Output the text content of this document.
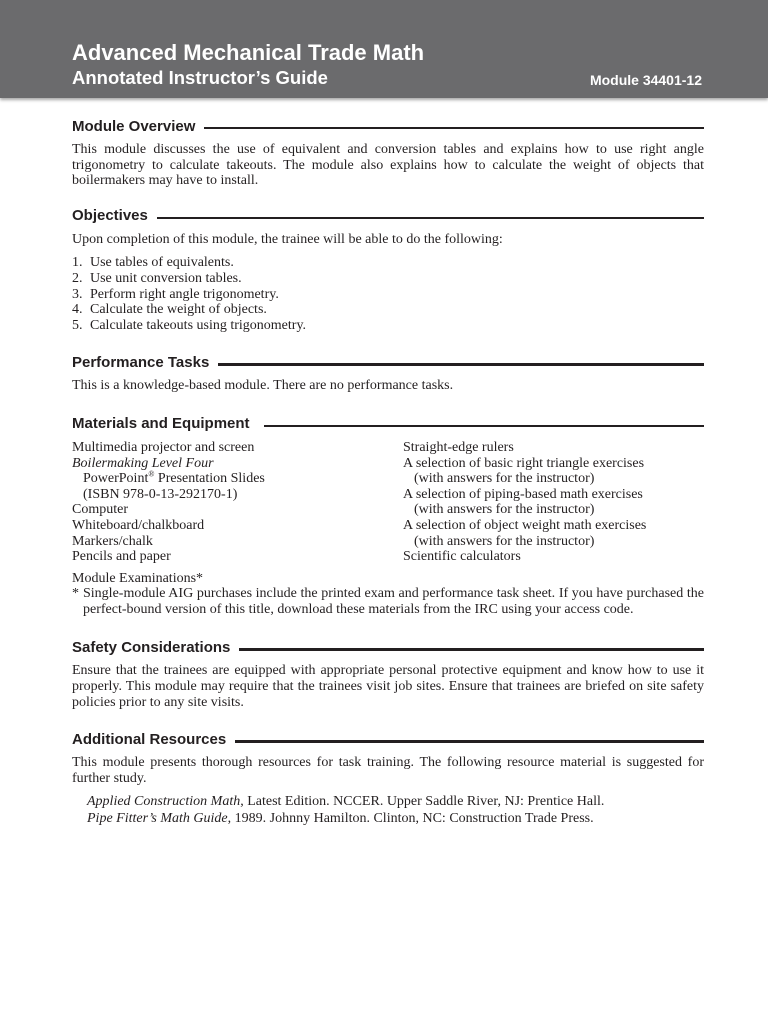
Advanced Mechanical Trade Math
Annotated Instructor’s Guide	Module 34401-12
Module Overview

This module discusses the use of equivalent and conversion tables and explains how to use right angle trigonometry to calculate takeouts. The module also explains how to calculate the weight of objects that boilermakers may have to install.

Objectives

Upon completion of this module, the trainee will be able to do the following:

1. Use tables of equivalents.
2. Use unit conversion tables.
3. Perform right angle trigonometry.
4. Calculate the weight of objects.
5. Calculate takeouts using trigonometry.
Performance Tasks

This is a knowledge-based module. There are no performance tasks.

Materials and Equipment
Multimedia projector and screen
Boilermaking Level Four
PowerPoint® Presentation Slides
(ISBN 978-0-13-292170-1)
Computer
Whiteboard/chalkboard
Markers/chalk
Pencils and paper
Straight-edge rulers
A selection of basic right triangle exercises
(with answers for the instructor)
A selection of piping-based math exercises
(with answers for the instructor)
A selection of object weight math exercises
(with answers for the instructor)
Scientific calculators
Module Examinations*
* Single-module AIG purchases include the printed exam and performance task sheet. If you have purchased the perfect-bound version of this title, download these materials from the IRC using your access code.
Safety Considerations

Ensure that the trainees are equipped with appropriate personal protective equipment and know how to use it properly. This module may require that the trainees visit job sites. Ensure that trainees are briefed on site safety policies prior to any site visits.

Additional Resources

This module presents thorough resources for task training. The following resource material is suggested for further study.

Applied Construction Math, Latest Edition. NCCER. Upper Saddle River, NJ: Prentice Hall.
Pipe Fitter’s Math Guide, 1989. Johnny Hamilton. Clinton, NC: Construction Trade Press.
